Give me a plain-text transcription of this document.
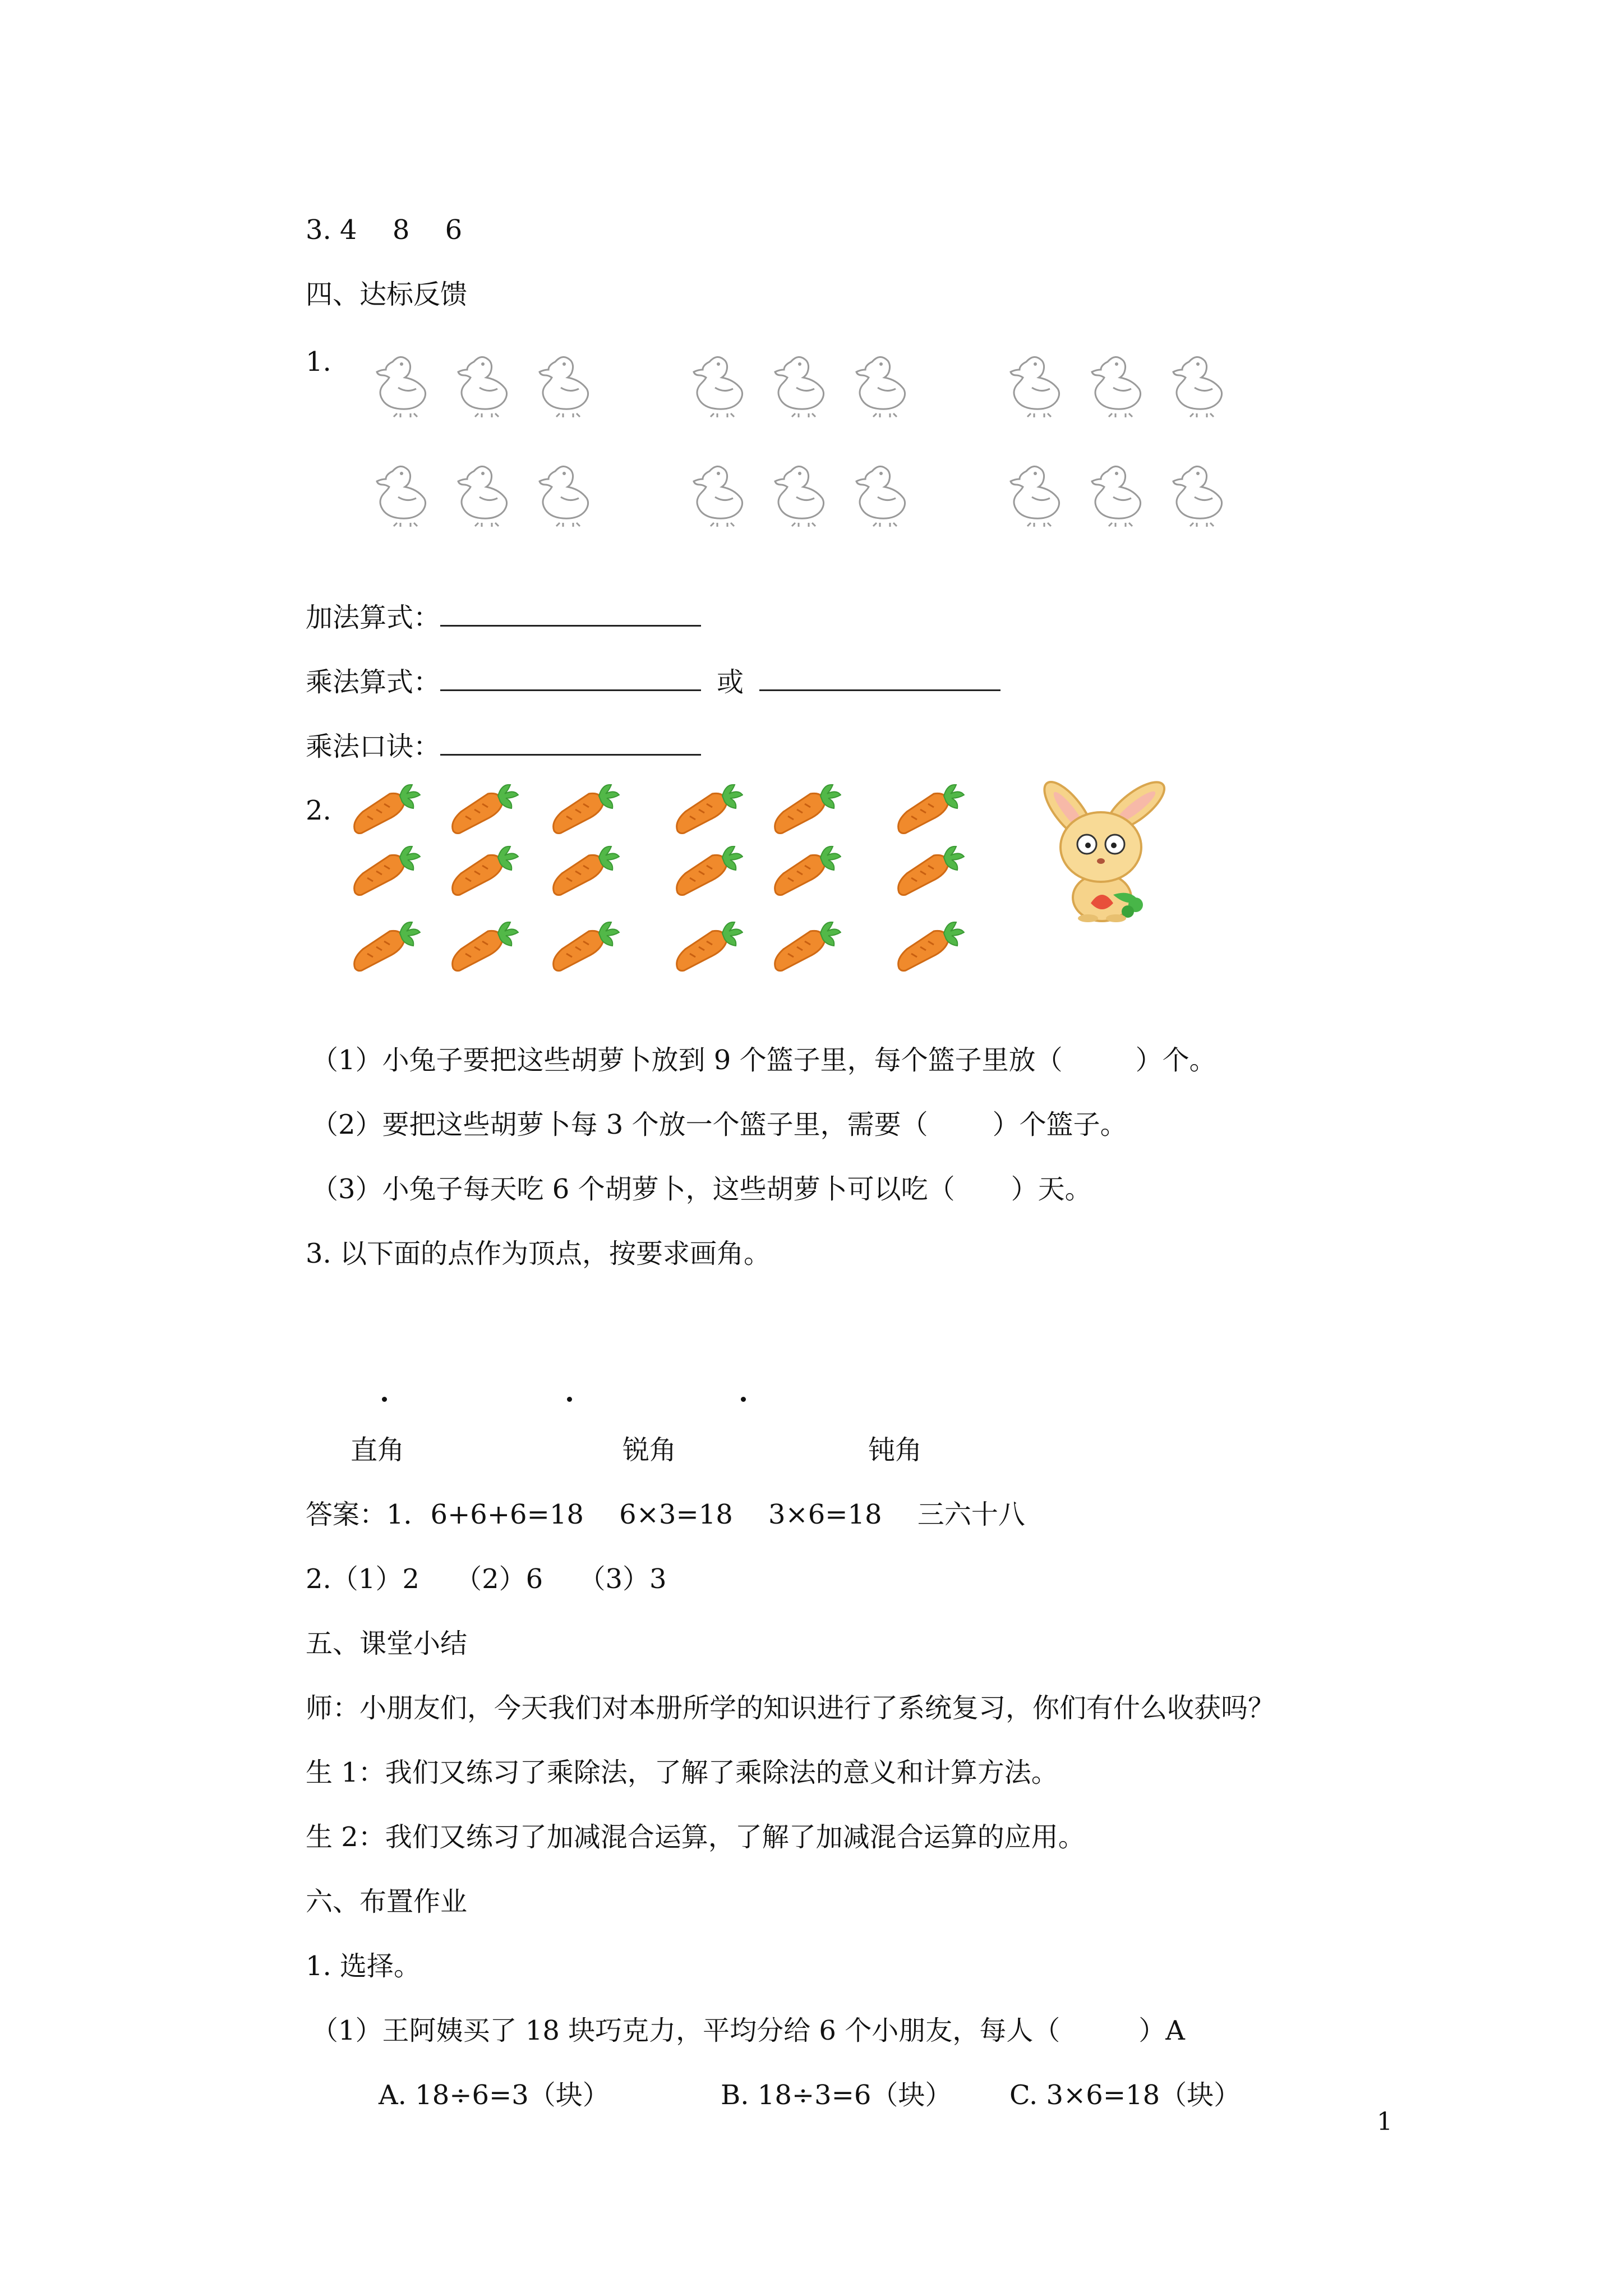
3. 4　 8　 6
四、达标反馈
1.
加法算式：
乘法算式：	或
乘法口诀：
2.
（1）小兔子要把这些胡萝卜放到 9 个篮子里，每个篮子里放（	）个。
（2）要把这些胡萝卜每 3 个放一个篮子里，需要（ ）个篮子。
（3）小兔子每天吃 6 个胡萝卜，这些胡萝卜可以吃（ ）天。
3. 以下面的点作为顶点，按要求画角。
直角	锐角	钝角
答案：1．6+6+6=18　 6×3=18　 3×6=18　 三六十八
2.（1）2　 （2）6　 （3）3
五、课堂小结
师：小朋友们，今天我们对本册所学的知识进行了系统复习，你们有什么收获吗？
生 1：我们又练习了乘除法，了解了乘除法的意义和计算方法。
生 2：我们又练习了加减混合运算，了解了加减混合运算的应用。
六、布置作业
1. 选择。
（1）王阿姨买了 18 块巧克力，平均分给 6 个小朋友，每人（	）A
A. 18÷6=3（块）	B. 18÷3=6（块） C. 3×6=18（块）
1
